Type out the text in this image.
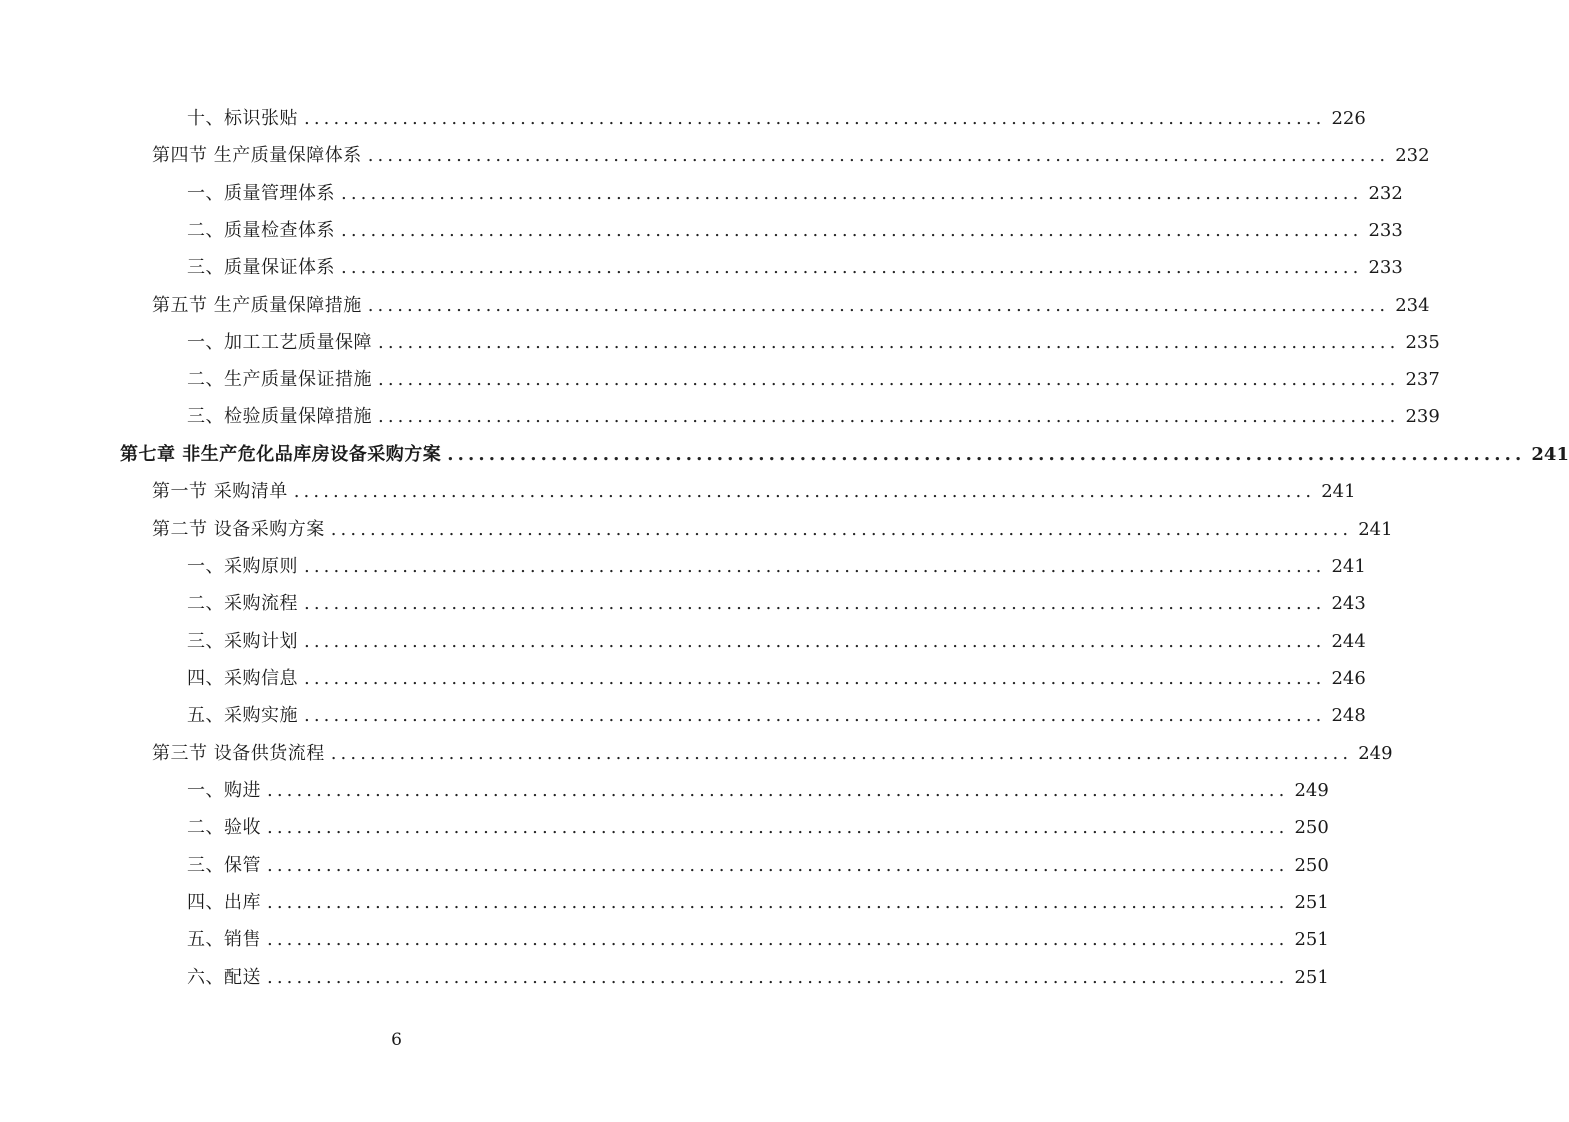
十、标识张贴 ........................................................................................................ 226
第四节 生产质量保障体系 ........................................................................................................ 232
一、质量管理体系 ........................................................................................................ 232
二、质量检查体系 ........................................................................................................ 233
三、质量保证体系 ........................................................................................................ 233
第五节 生产质量保障措施 ........................................................................................................ 234
一、加工工艺质量保障 ........................................................................................................ 235
二、生产质量保证措施 ........................................................................................................ 237
三、检验质量保障措施 ........................................................................................................ 239
第七章 非生产危化品库房设备采购方案 ........................................................................................................ 241
第一节 采购清单 ........................................................................................................ 241
第二节 设备采购方案 ........................................................................................................ 241
一、采购原则 ........................................................................................................ 241
二、采购流程 ........................................................................................................ 243
三、采购计划 ........................................................................................................ 244
四、采购信息 ........................................................................................................ 246
五、采购实施 ........................................................................................................ 248
第三节 设备供货流程 ........................................................................................................ 249
一、购进 ........................................................................................................ 249
二、验收 ........................................................................................................ 250
三、保管 ........................................................................................................ 250
四、出库 ........................................................................................................ 251
五、销售 ........................................................................................................ 251
六、配送 ........................................................................................................ 251
6
